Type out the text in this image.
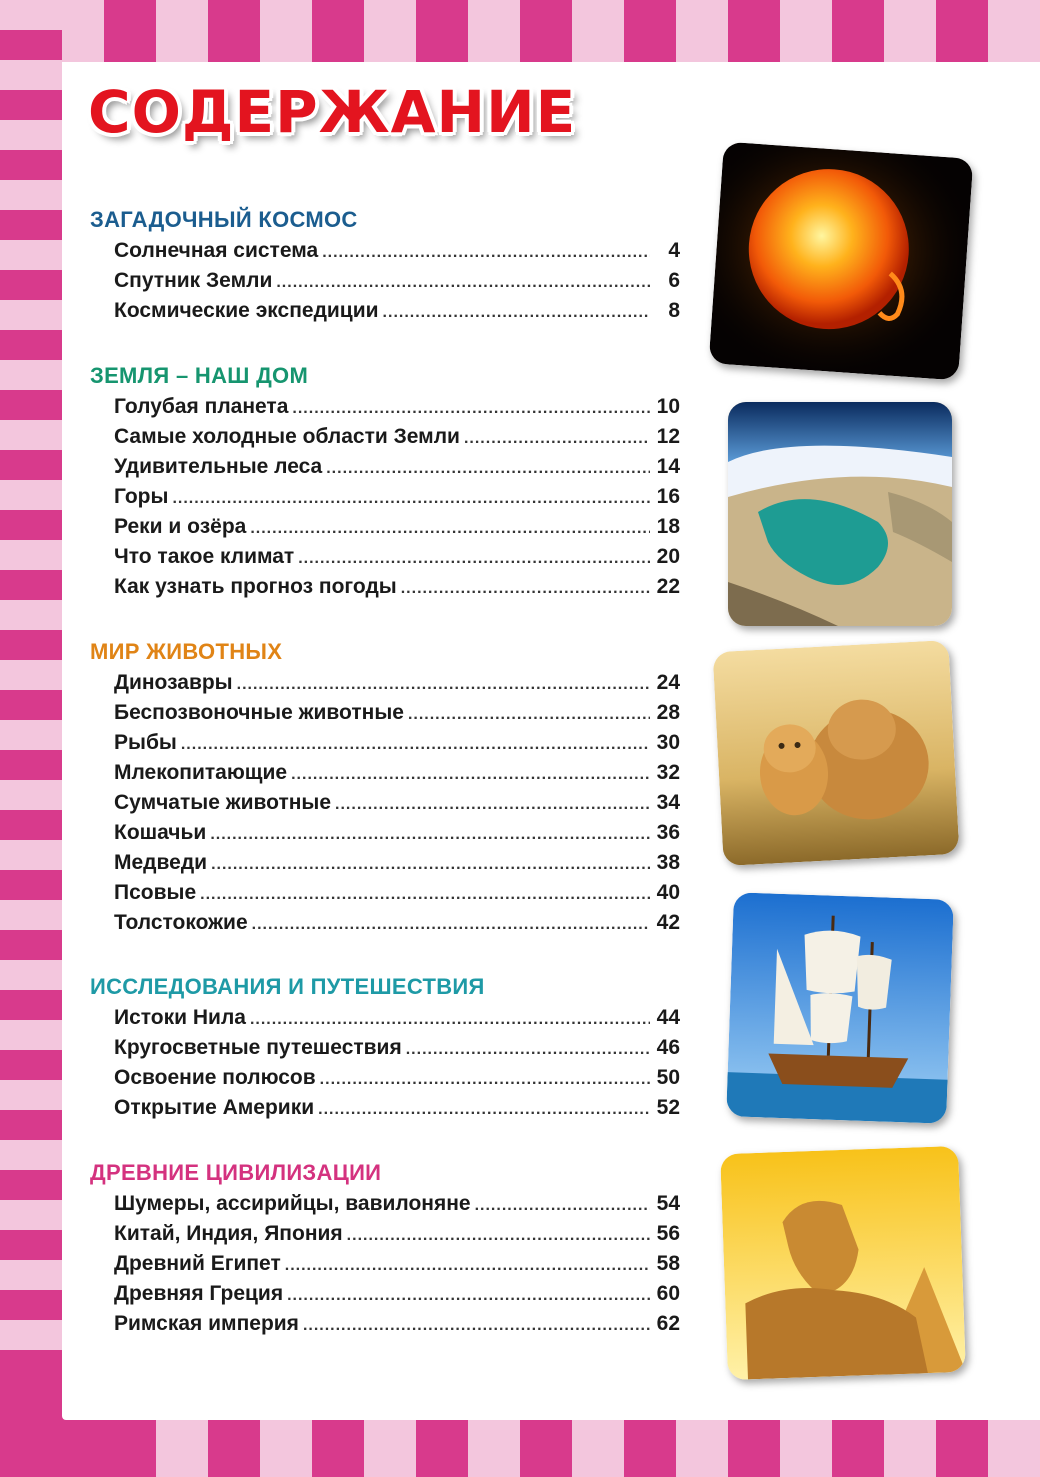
СОДЕРЖАНИЕ
ЗАГАДОЧНЫЙ КОСМОС
Солнечная система .....	4
Спутник Земли .....	6
Космические экспедиции .....	8
ЗЕМЛЯ – НАШ ДОМ
Голубая планета .....	10
Самые холодные области Земли .....	12
Удивительные леса .....	14
Горы .....	16
Реки и озёра .....	18
Что такое климат .....	20
Как узнать прогноз погоды .....	22
МИР ЖИВОТНЫХ
Динозавры .....	24
Беспозвоночные животные .....	28
Рыбы .....	30
Млекопитающие .....	32
Сумчатые животные .....	34
Кошачьи .....	36
Медведи .....	38
Псовые .....	40
Толстокожие .....	42
ИССЛЕДОВАНИЯ И ПУТЕШЕСТВИЯ
Истоки Нила .....	44
Кругосветные путешествия .....	46
Освоение полюсов .....	50
Открытие Америки .....	52
ДРЕВНИЕ ЦИВИЛИЗАЦИИ
Шумеры, ассирийцы, вавилоняне .....	54
Китай, Индия, Япония .....	56
Древний Египет .....	58
Древняя Греция .....	60
Римская империя .....	62
